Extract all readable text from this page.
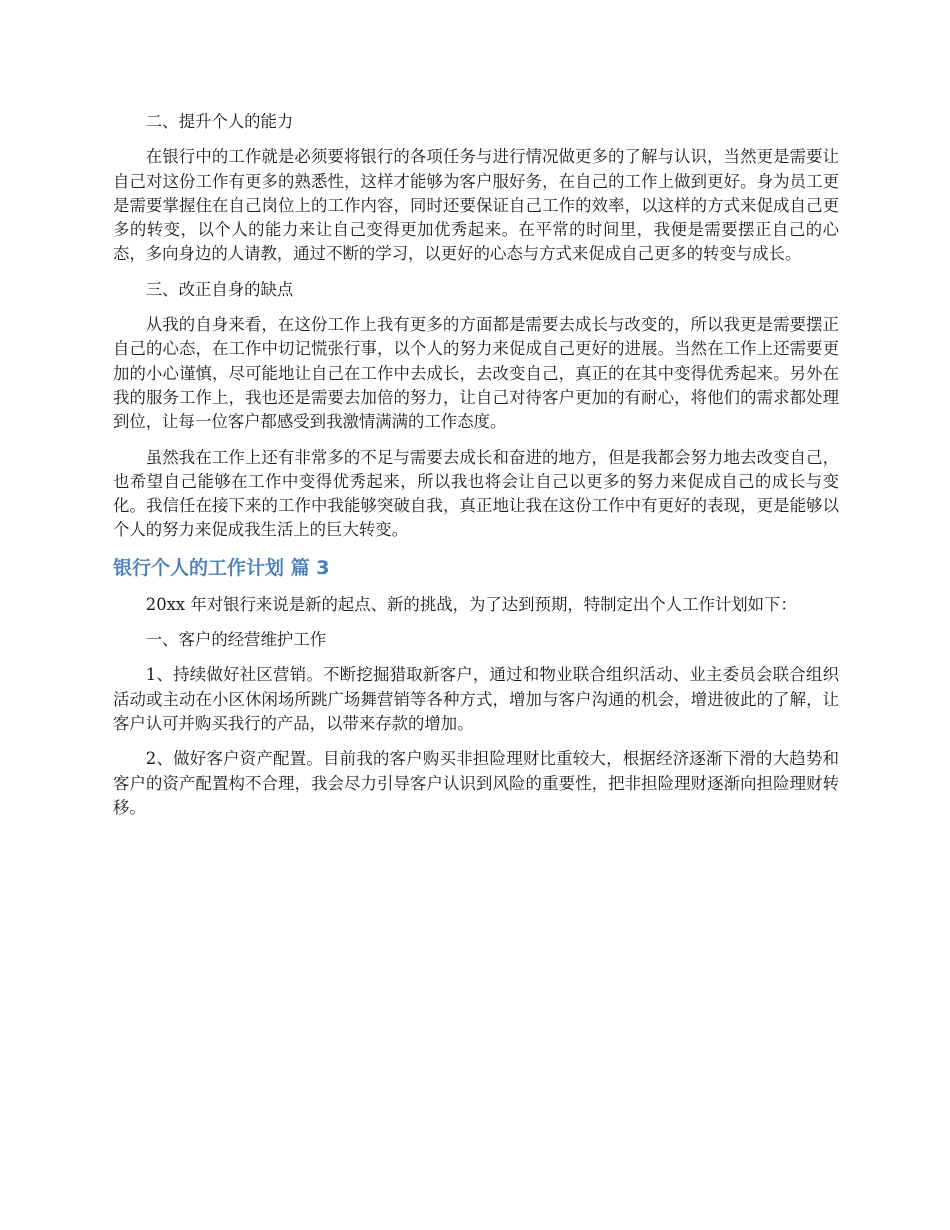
二、提升个人的能力

在银行中的工作就是必须要将银行的各项任务与进行情况做更多的了解与认识，当然更是需要让自己对这份工作有更多的熟悉性，这样才能够为客户服好务，在自己的工作上做到更好。身为员工更是需要掌握住在自己岗位上的工作内容，同时还要保证自己工作的效率，以这样的方式来促成自己更多的转变，以个人的能力来让自己变得更加优秀起来。在平常的时间里，我便是需要摆正自己的心态，多向身边的人请教，通过不断的学习，以更好的心态与方式来促成自己更多的转变与成长。

三、改正自身的缺点

从我的自身来看，在这份工作上我有更多的方面都是需要去成长与改变的，所以我更是需要摆正自己的心态，在工作中切记慌张行事，以个人的努力来促成自己更好的进展。当然在工作上还需要更加的小心谨慎，尽可能地让自己在工作中去成长，去改变自己，真正的在其中变得优秀起来。另外在我的服务工作上，我也还是需要去加倍的努力，让自己对待客户更加的有耐心，将他们的需求都处理到位，让每一位客户都感受到我激情满满的工作态度。

虽然我在工作上还有非常多的不足与需要去成长和奋进的地方，但是我都会努力地去改变自己，也希望自己能够在工作中变得优秀起来，所以我也将会让自己以更多的努力来促成自己的成长与变化。我信任在接下来的工作中我能够突破自我，真正地让我在这份工作中有更好的表现，更是能够以个人的努力来促成我生活上的巨大转变。

银行个人的工作计划 篇 3

20xx 年对银行来说是新的起点、新的挑战，为了达到预期，特制定出个人工作计划如下：

一、客户的经营维护工作

1、持续做好社区营销。不断挖掘猎取新客户，通过和物业联合组织活动、业主委员会联合组织活动或主动在小区休闲场所跳广场舞营销等各种方式，增加与客户沟通的机会，增进彼此的了解，让客户认可并购买我行的产品，以带来存款的增加。

2、做好客户资产配置。目前我的客户购买非担险理财比重较大，根据经济逐渐下滑的大趋势和客户的资产配置构不合理，我会尽力引导客户认识到风险的重要性，把非担险理财逐渐向担险理财转移。
